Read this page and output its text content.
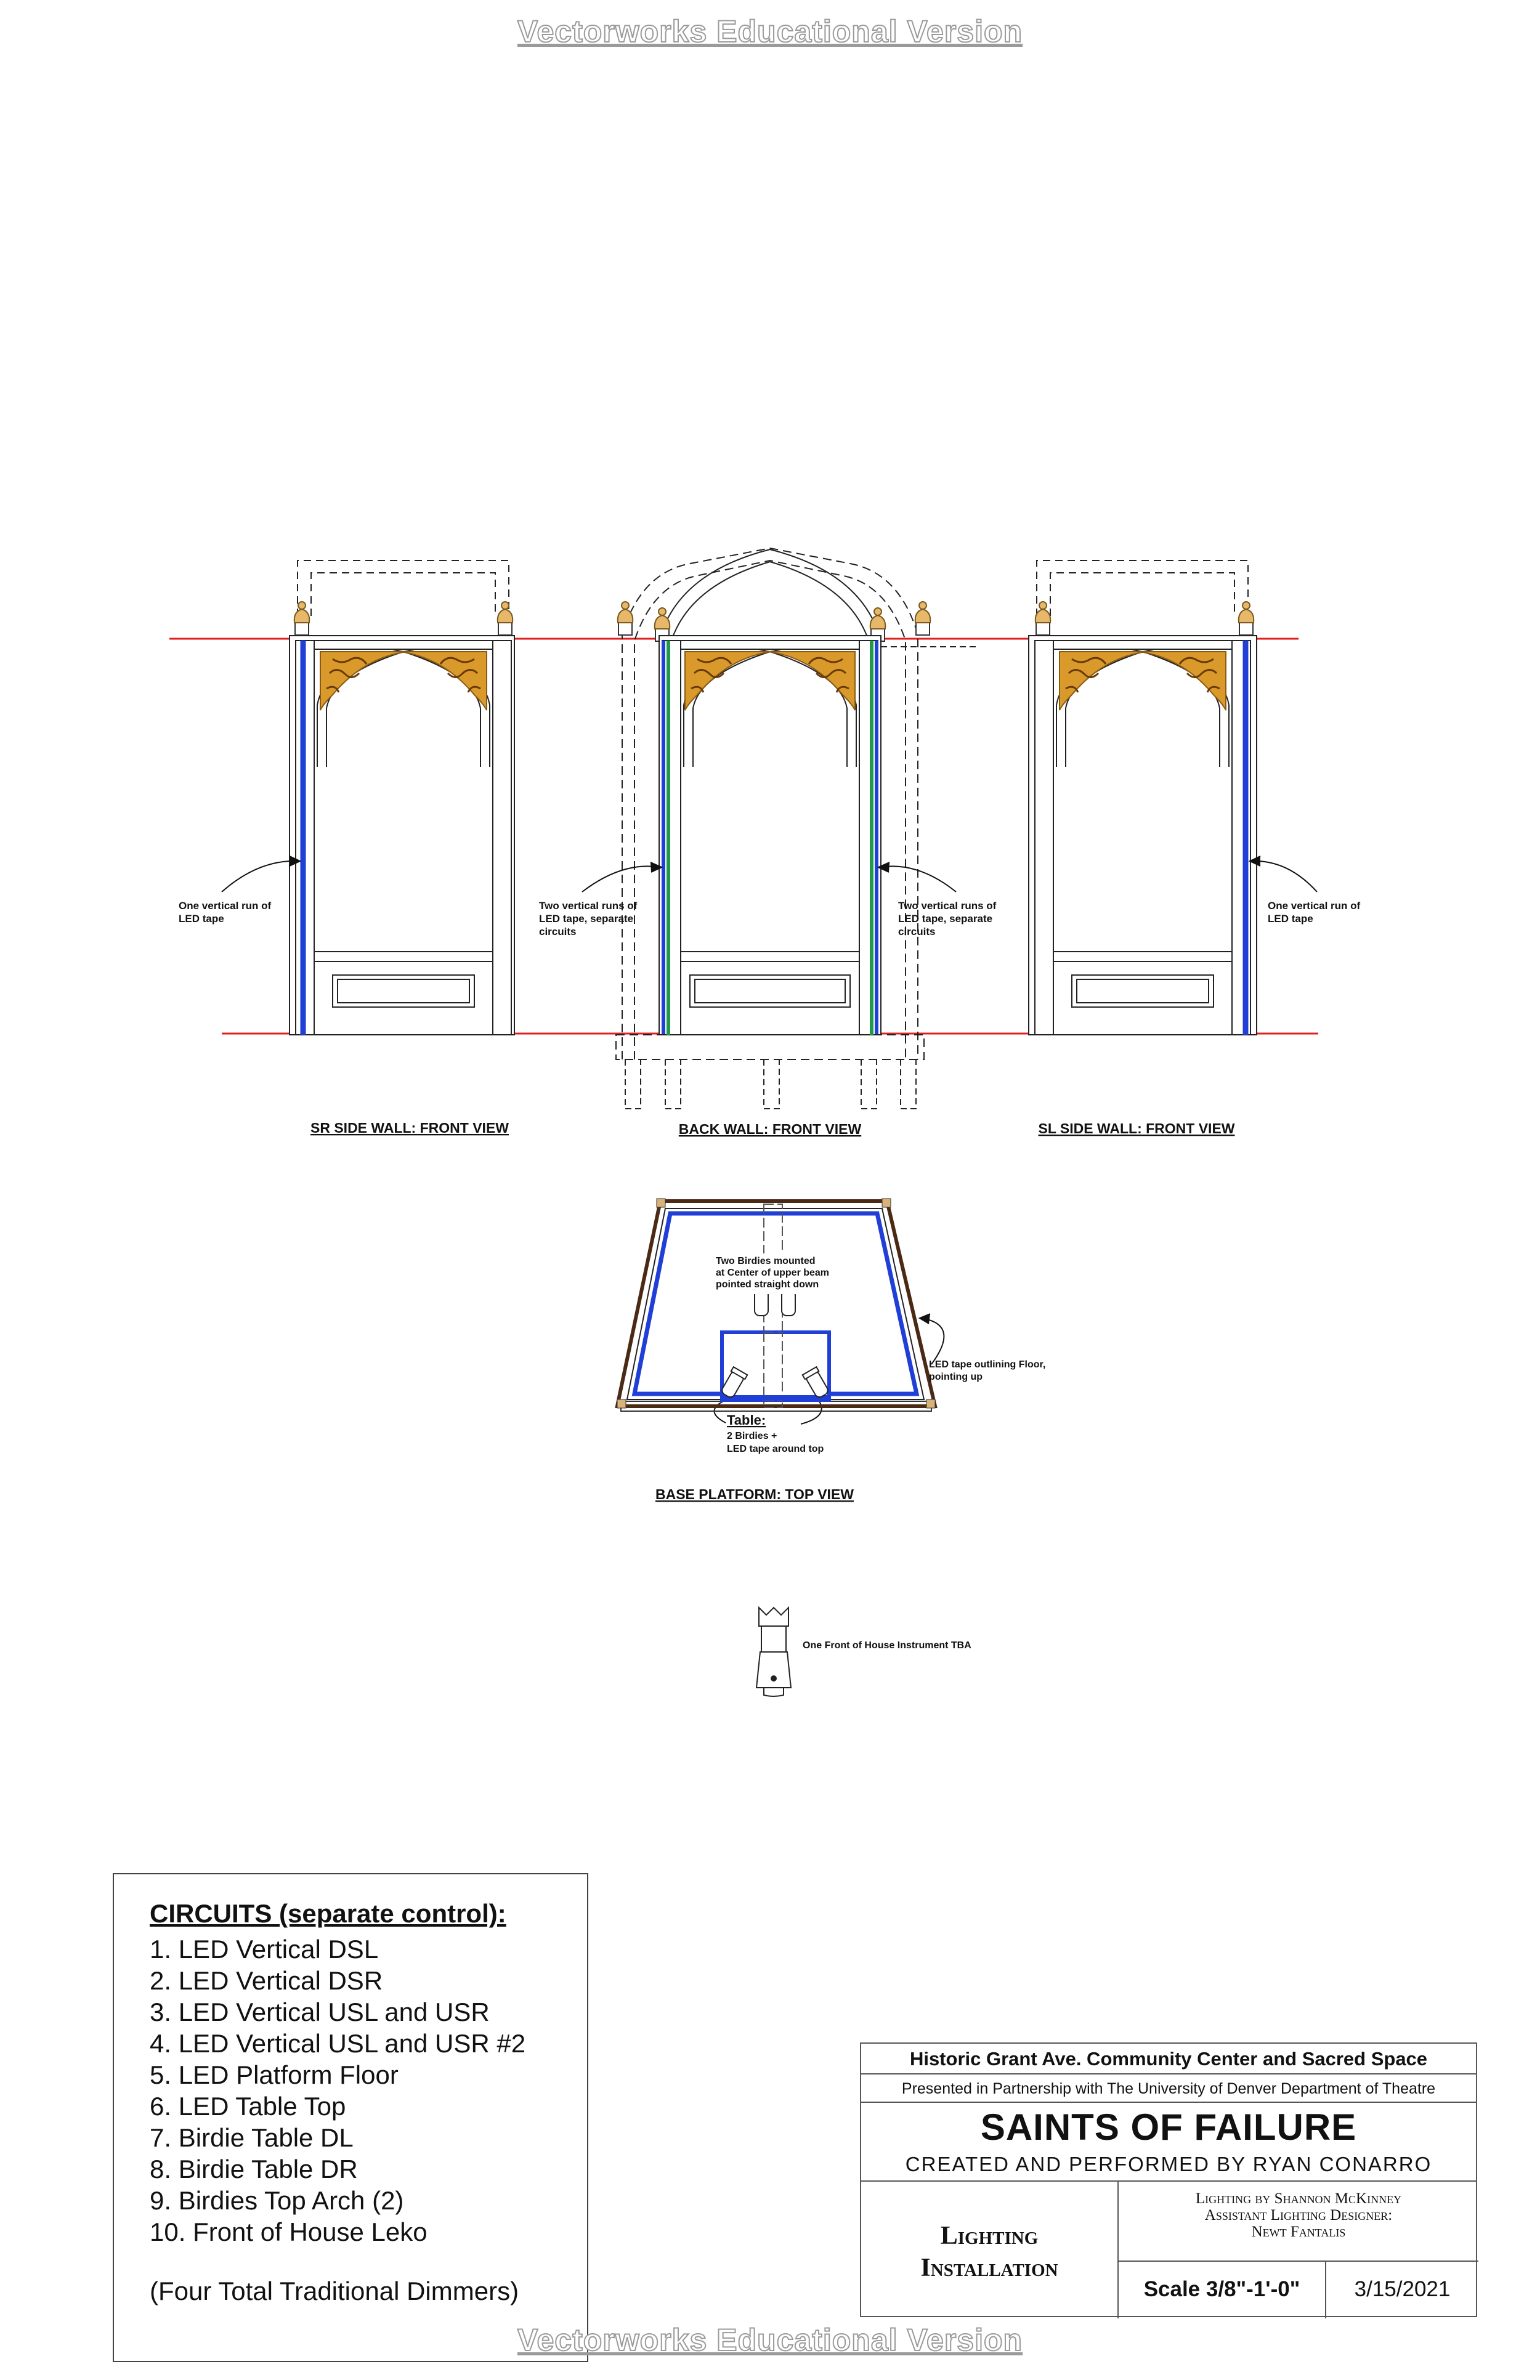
Vectorworks Educational Version
One vertical run of
LED tape
Two vertical runs of
LED tape, separate
circuits
Two vertical runs of
LED tape, separate
circuits
One vertical run of
LED tape
SR SIDE WALL: FRONT VIEW	BACK WALL: FRONT VIEW	SL SIDE WALL: FRONT VIEW
BASE PLATFORM: TOP VIEW
Two Birdies mounted
at Center of upper beam
pointed straight down
LED tape outlining Floor,
pointing up
Table:
2 Birdies +
LED tape around top
One Front of House Instrument TBA
CIRCUITS (separate control):
1. LED Vertical DSL
2. LED Vertical DSR
3. LED Vertical USL and USR
4. LED Vertical USL and USR #2
5. LED Platform Floor
6. LED Table Top
7. Birdie Table DL
8. Birdie Table DR
9. Birdies Top Arch (2)
10. Front of House Leko
(Four Total Traditional Dimmers)
Historic Grant Ave. Community Center and Sacred Space
Presented in Partnership with The University of Denver Department of Theatre
SAINTS OF FAILURE
CREATED AND PERFORMED BY RYAN CONARRO
Lighting
Installation
Lighting by Shannon McKinney
Assistant Lighting Designer:
Newt Fantalis
Scale 3/8"-1'-0"	3/15/2021
Vectorworks Educational Version
